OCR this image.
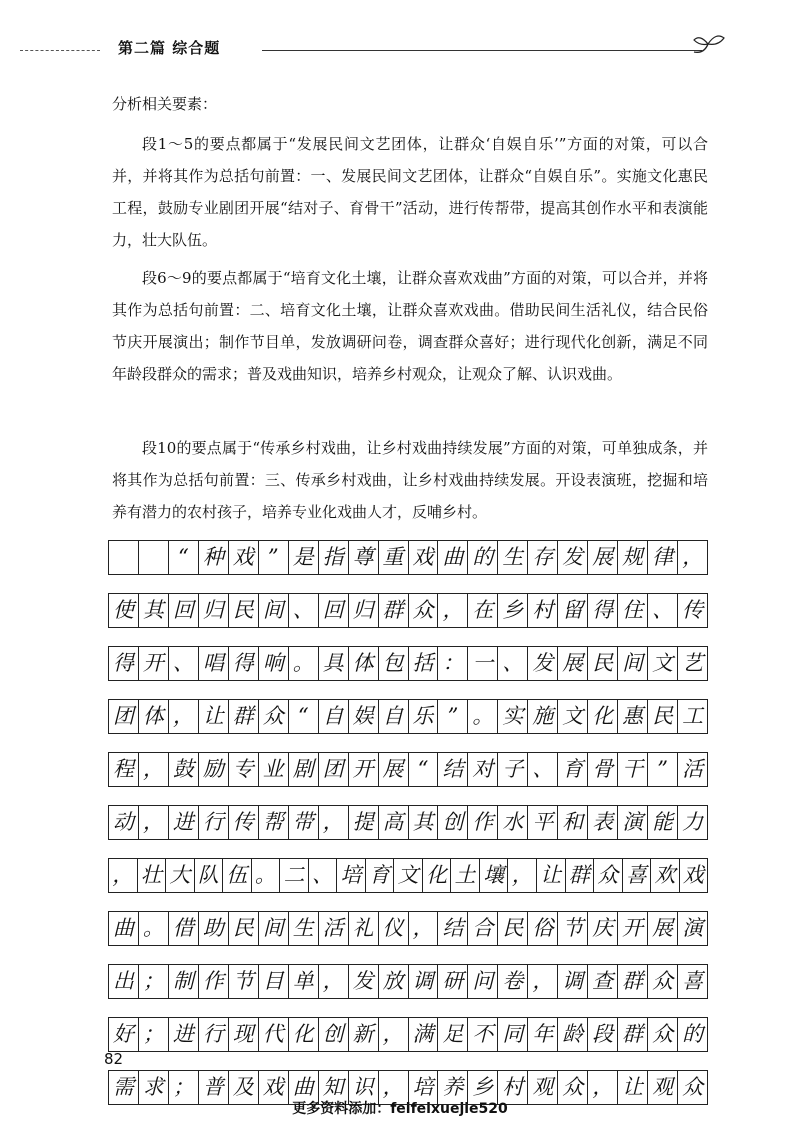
第二篇 综合题
分析相关要素：
段1～5的要点都属于“发展民间文艺团体，让群众‘自娱自乐’”方面的对策，可以合并，并将其作为总括句前置：一、发展民间文艺团体，让群众“自娱自乐”。实施文化惠民工程，鼓励专业剧团开展“结对子、育骨干”活动，进行传帮带，提高其创作水平和表演能力，壮大队伍。
段6～9的要点都属于“培育文化土壤，让群众喜欢戏曲”方面的对策，可以合并，并将其作为总括句前置：二、培育文化土壤，让群众喜欢戏曲。借助民间生活礼仪，结合民俗节庆开展演出；制作节目单，发放调研问卷，调查群众喜好；进行现代化创新，满足不同年龄段群众的需求；普及戏曲知识，培养乡村观众，让观众了解、认识戏曲。
段10的要点属于“传承乡村戏曲，让乡村戏曲持续发展”方面的对策，可单独成条，并将其作为总括句前置：三、传承乡村戏曲，让乡村戏曲持续发展。开设表演班，挖掘和培养有潜力的农村孩子，培养专业化戏曲人才，反哺乡村。
“ 种 戏 ” 是 指 尊 重 戏 曲 的 生 存 发 展 规 律 ，
使 其 回 归 民 间 、 回 归 群 众 ， 在 乡 村 留 得 住 、 传
得 开 、 唱 得 响 。 具 体 包 括 ： 一 、 发 展 民 间 文 艺
团 体 ， 让 群 众 “ 自 娱 自 乐 ” 。 实 施 文 化 惠 民 工
程 ， 鼓 励 专 业 剧 团 开 展 “ 结 对 子 、 育 骨 干 ” 活
动 ， 进 行 传 帮 带 ， 提 高 其 创 作 水 平 和 表 演 能 力
， 壮 大 队 伍 。 二 、 培 育 文 化 土 壤 ， 让 群 众 喜 欢 戏
曲 。 借 助 民 间 生 活 礼 仪 ， 结 合 民 俗 节 庆 开 展 演
出 ； 制 作 节 目 单 ， 发 放 调 研 问 卷 ， 调 查 群 众 喜
好 ； 进 行 现 代 化 创 新 ， 满 足 不 同 年 龄 段 群 众 的
需 求 ； 普 及 戏 曲 知 识 ， 培 养 乡 村 观 众 ， 让 观 众
82
更多资料添加：feifeixuejie520
